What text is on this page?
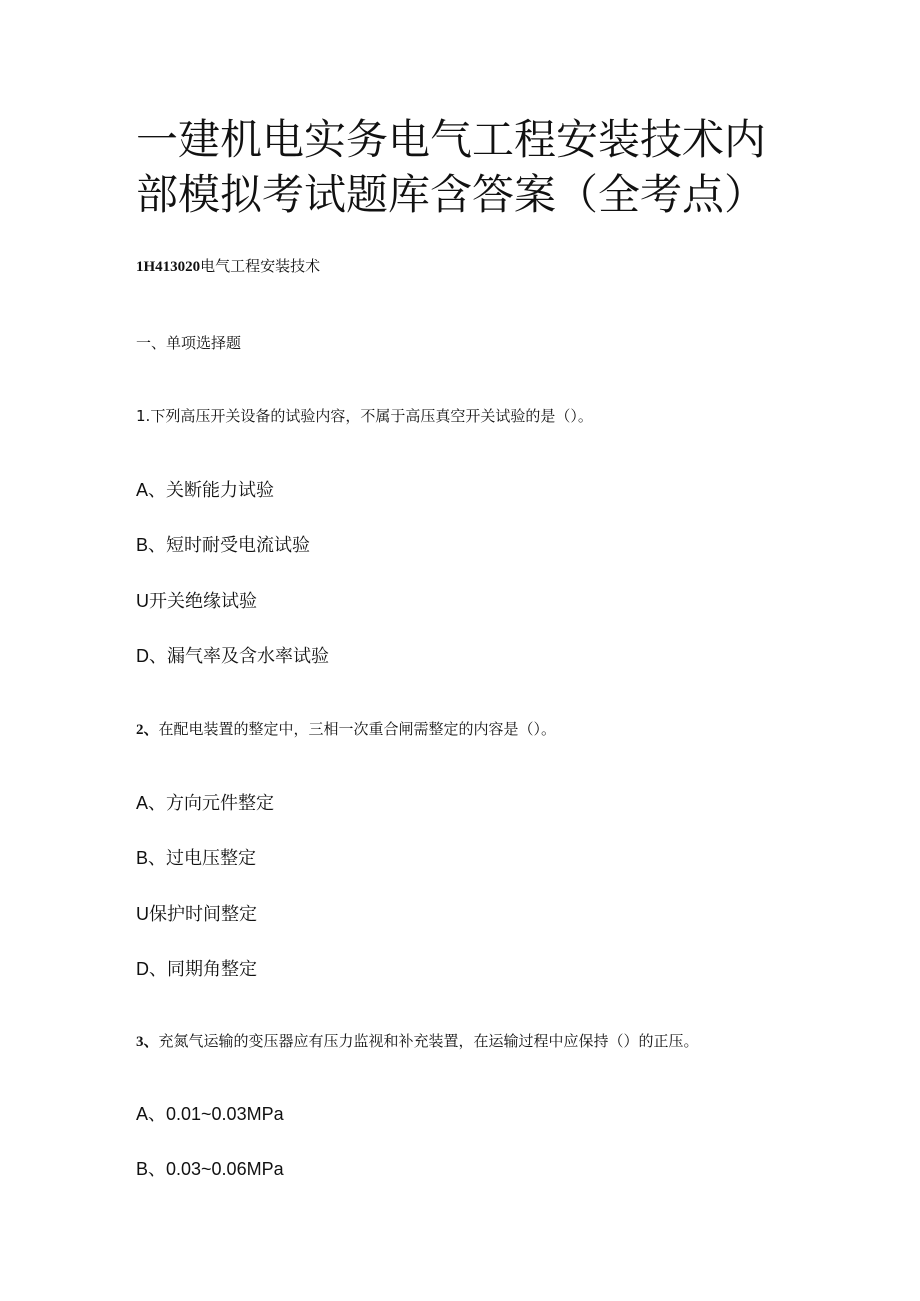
一建机电实务电气工程安装技术内
部模拟考试题库含答案（全考点）
1H413020电气工程安装技术
一、单项选择题
1.下列高压开关设备的试验内容，不属于高压真空开关试验的是（）。
A、关断能力试验
B、短时耐受电流试验
U开关绝缘试验
D、漏气率及含水率试验
2、在配电装置的整定中，三相一次重合闸需整定的内容是（）。
A、方向元件整定
B、过电压整定
U保护时间整定
D、同期角整定
3、充氮气运输的变压器应有压力监视和补充装置，在运输过程中应保持（）的正压。
A、0.01~0.03MPa
B、0.03~0.06MPa
